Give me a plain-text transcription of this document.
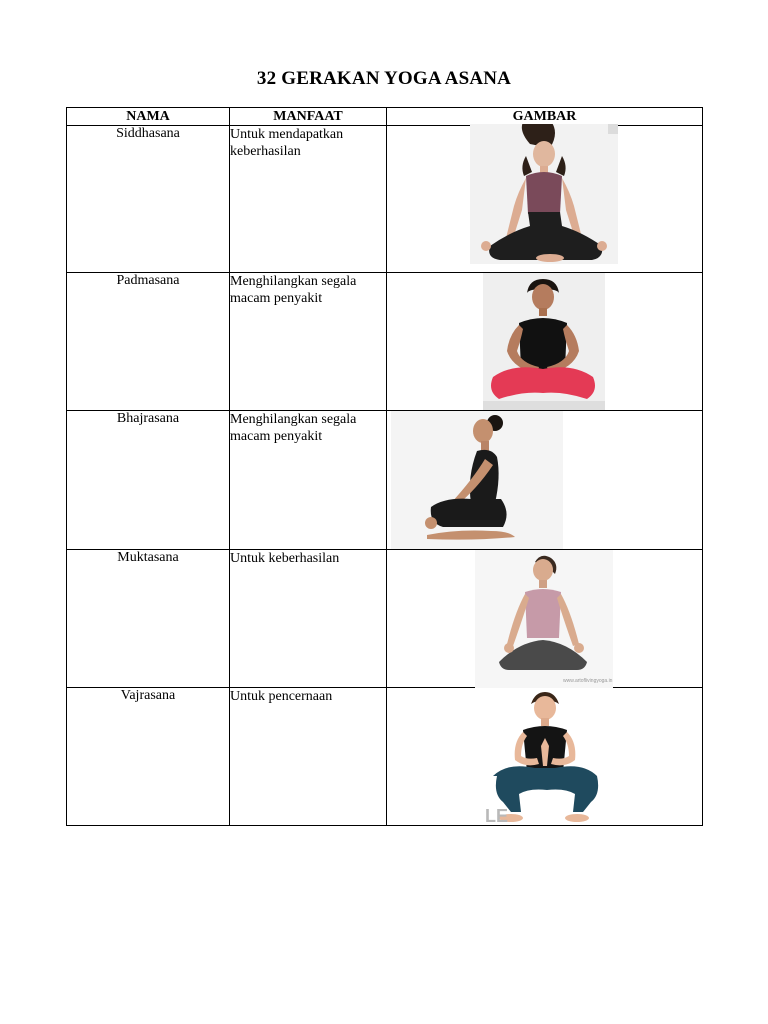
32 GERAKAN YOGA ASANA
NAMA	MANFAAT	GAMBAR
Siddhasana	Untuk mendapatkan keberhasilan	

Padmasana	Menghilangkan segala macam penyakit	

Bhajrasana	Menghilangkan segala macam penyakit	

Muktasana	Untuk keberhasilan	www.artoflivingyoga.in

Vajrasana	Untuk pencernaan	LE
